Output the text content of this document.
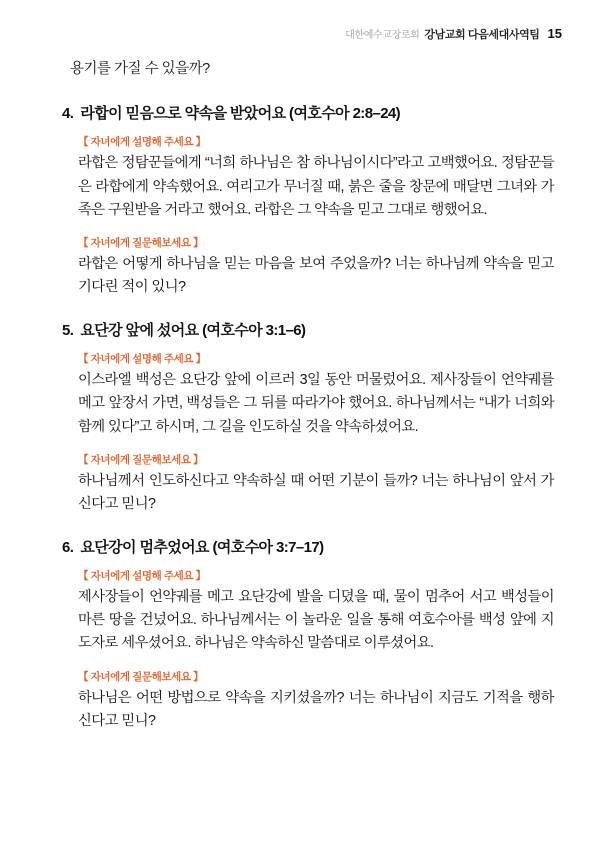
대한예수교장로회 강남교회 다음세대사역팀 15

용기를 가질 수 있을까?

4. 라합이 믿음으로 약속을 받았어요 (여호수아 2:8–24)
【 자녀에게 설명해 주세요 】

라합은 정탐꾼들에게 “너희 하나님은 참 하나님이시다”라고 고백했어요. 정탐꾼들은 라합에게 약속했어요. 여리고가 무너질 때, 붉은 줄을 창문에 매달면 그녀와 가족은 구원받을 거라고 했어요. 라합은 그 약속을 믿고 그대로 행했어요.

【 자녀에게 질문해보세요 】

라합은 어떻게 하나님을 믿는 마음을 보여 주었을까? 너는 하나님께 약속을 믿고 기다린 적이 있니?

5. 요단강 앞에 섰어요 (여호수아 3:1–6)
【 자녀에게 설명해 주세요 】

이스라엘 백성은 요단강 앞에 이르러 3일 동안 머물렀어요. 제사장들이 언약궤를 메고 앞장서 가면, 백성들은 그 뒤를 따라가야 했어요. 하나님께서는 “내가 너희와 함께 있다”고 하시며, 그 길을 인도하실 것을 약속하셨어요.

【 자녀에게 질문해보세요 】

하나님께서 인도하신다고 약속하실 때 어떤 기분이 들까? 너는 하나님이 앞서 가신다고 믿니?

6. 요단강이 멈추었어요 (여호수아 3:7–17)
【 자녀에게 설명해 주세요 】

제사장들이 언약궤를 메고 요단강에 발을 디뎠을 때, 물이 멈추어 서고 백성들이 마른 땅을 건넜어요. 하나님께서는 이 놀라운 일을 통해 여호수아를 백성 앞에 지도자로 세우셨어요. 하나님은 약속하신 말씀대로 이루셨어요.

【 자녀에게 질문해보세요 】

하나님은 어떤 방법으로 약속을 지키셨을까? 너는 하나님이 지금도 기적을 행하신다고 믿니?
